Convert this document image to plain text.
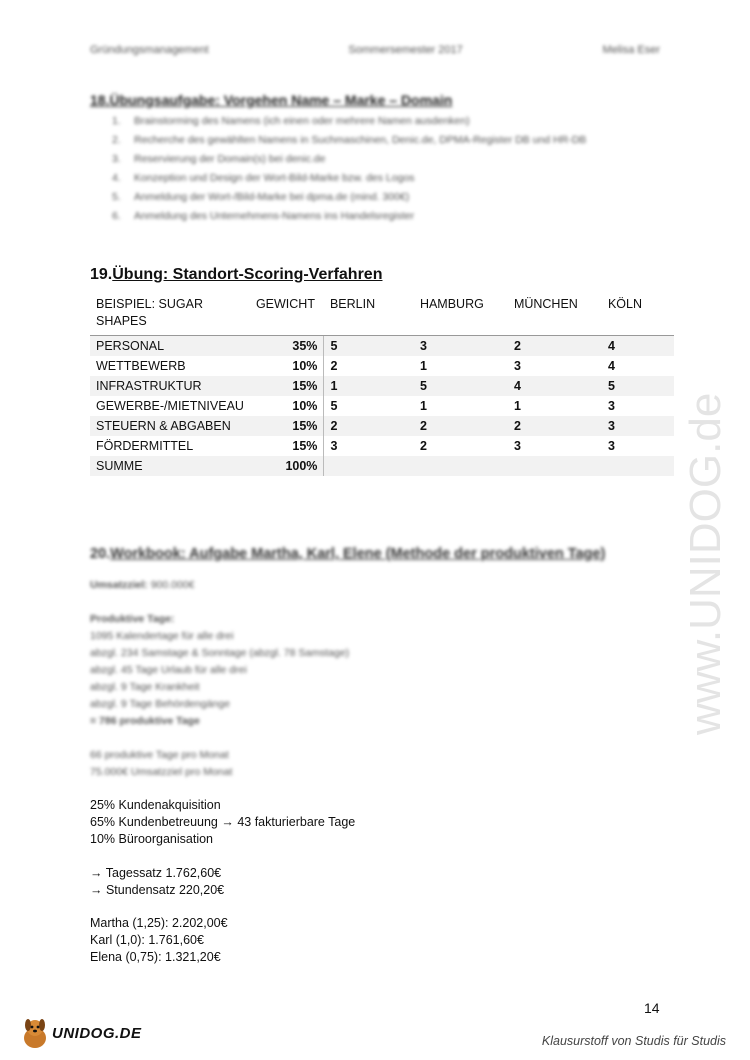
Gründungsmanagement	Sommersemester 2017	Melisa Eser
18.Übungsaufgabe: Vorgehen Name – Marke – Domain
1. Brainstorming des Namens (ich einen oder mehrere Namen ausdenken)
2. Recherche des gewählten Namens in Suchmaschinen, Denic.de, DPMA-Register DB und HR-DB
3. Reservierung der Domain(s) bei denic.de
4. Konzeption und Design der Wort-Bild-Marke bzw. des Logos
5. Anmeldung der Wort-/Bild-Marke bei dpma.de (mind. 300€)
6. Anmeldung des Unternehmens-Namens ins Handelsregister
19.Übung: Standort-Scoring-Verfahren
BEISPIEL: SUGAR SHAPES	GEWICHT	BERLIN	HAMBURG	MÜNCHEN	KÖLN
PERSONAL	35%	5	3	2	4
WETTBEWERB	10%	2	1	3	4
INFRASTRUKTUR	15%	1	5	4	5
GEWERBE-/MIETNIVEAU	10%	5	1	1	3
STEUERN & ABGABEN	15%	2	2	2	3
FÖRDERMITTEL	15%	3	2	3	3
SUMME	100%				
20.Workbook: Aufgabe Martha, Karl, Elene (Methode der produktiven Tage)
Umsatzziel: 900.000€
Produktive Tage:
1095 Kalendertage für alle drei
abzgl. 234 Samstage & Sonntage (abzgl. 78 Samstage)
abzgl. 45 Tage Urlaub für alle drei
abzgl. 9 Tage Krankheit
abzgl. 9 Tage Behördengänge
= 786 produktive Tage
66 produktive Tage pro Monat
75.000€ Umsatzziel pro Monat
25% Kundenakquisition
65% Kundenbetreuung → 43 fakturierbare Tage
10% Büroorganisation
→ Tagessatz 1.762,60€
→ Stundensatz 220,20€
Martha (1,25): 2.202,00€
Karl (1,0): 1.761,60€
Elena (0,75): 1.321,20€
www.UNIDOG.de
14
UNIDOG.DE	Klausurstoff von Studis für Studis
